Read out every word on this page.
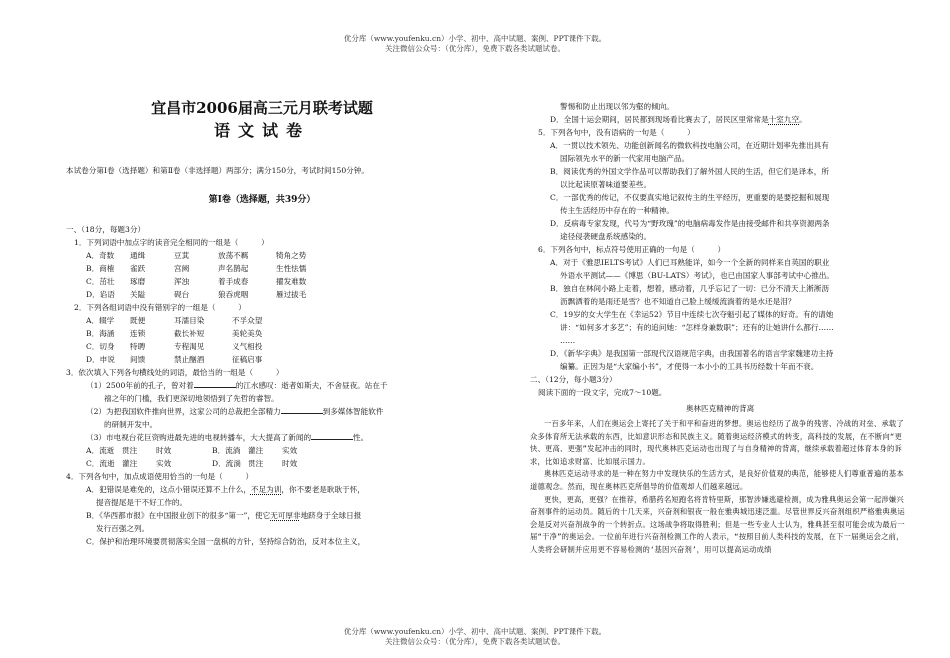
优分库（www.youfenku.cn）小学、初中、高中试题、案例、PPT课件下载。
关注微信公众号：（优分库），免费下载各类试题试卷。
宜昌市2006届高三元月联考试题
语文试卷

本试卷分第Ⅰ卷（选择题）和第Ⅱ卷（非选择题）两部分；满分150分，考试时间150分钟。

第Ⅰ卷（选择题，共39分）

一、（18分，每题3分）

1．下列词语中加点字的读音完全相同的一组是（　　　）

A．奇数	通缉	豆萁	放荡不羁	犄角之势
B．商榷	雀跃	宫阙	声名鹊起	生性怯懦
C．茁壮	琢磨	浑浊	着手成春	擢发难数
D．谄语	关隘	砚台	狼吞虎咽	雁过拔毛

2．下列各组词语中没有错别字的一组是（　　　）

A．辍学	既便	耳濡目染	不孚众望
B．海涵	连锁	截长补短	美轮美奂
C．切身	特聘	专程渴见	义气相投
D．申说	间馈	禁止酗酒	征稿启事

3．依次填入下列各句横线处的词语，最恰当的一组是（　　　）

（1）2500年前的孔子，曾对着	的江水感叹：逝者如斯夫，不舍昼夜。站在千

禧之年的门槛，我们更深切地领悟到了先哲的睿智。

（2）为把我国软件推向世界，这家公司的总裁把全部精力	到多媒体智能软件

的研制开发中。

（3）市电视台花巨资购进最先进的电视转播车，大大提高了新闻的	性。

A．流逝	贯注	时效	B．流淌	灌注	实效
C．流逝 灌注	实效	D．流淌 贯注	时效

4．下列各句中，加点成语使用恰当的一句是（　　　）

A．犯错误是难免的，这点小错误还算不上什么，不足为训，你不要老是耿耿于怀，

提音提尾是干不好工作的。

B．《华西都市报》在中国报业创下的很多“第一”，使它无可厚非地跻身于全球日报

发行百强之列。

C．保护和治理环境要贯彻落实全国一盘棋的方针，坚持综合防治，反对本位主义，

警惕和防止出现以邻为壑的倾向。

D．全国十运会期间，居民都到现场看比赛去了，居民区里常常是十室九空。

5．下列各句中，没有语病的一句是（　　　）

A．一贯以技术领先、功能创新闻名的微软科技电脑公司，在近期计划率先推出具有

国际领先水平的新一代家用电脑产品。

B．阅读优秀的外国文学作品可以帮助我们了解外国人民的生活，但它们是译本，所

以比起读原著味道要差些。

C．一部优秀的传记，不仅要真实地记叙传主的生平经历，更重要的是要挖掘和展现

传主生活经历中存在的一种精神。

D．反病毒专家发现，代号为“野玫瑰”的电脑病毒发作是由接受邮件和共享资源两条

途径侵袭硬盘系统感染的。

6．下列各句中，标点符号使用正确的一句是（　　　）

A．对于《雅思IELTS考试》人们已耳熟能详，如今一个全新的同样来自英国的职业

外语水平测试——《博思（BU-LATS）考试》，也已由国家人事部考试中心推出。

B．独自在林间小路上走着，想着，感动着，几乎忘记了一切：已分不清天上淅淅沥

沥飘洒着的是雨还是雪？也不知道自己脸上缓缓流淌着的是水还是泪？

C．19岁的女大学生在《幸运52》节目中连续七次夺魁引起了媒体的好奇。有的请她

讲：“如何多才多艺”；有的追问她：“怎样身兼数职”；还有的让她讲什么都行……

……

D．《新华字典》是我国第一部现代汉语规范字典，由我国著名的语言学家魏建功主持

编纂。正因为是“大家编小书”，才使得一本小小的工具书历经数十年而不衰。

二、（12分，每小题3分）

阅读下面的一段文字，完成7～10题。

奥林匹克精神的背离

一百多年来，人们在奥运会上寄托了关于和平和奋进的梦想。奥运也经历了战争的残害、冷战的对垒、承载了众多体育所无法承载的东西，比如意识形态和民族主义。随着奥运经济模式的转变，高科技的发展，在不断向“更快、更高、更强”发起冲击的同时，现代奥林匹克运动也出现了与自身精神的背离，继续承载着超过体育本身的诉求，比如追求财富、比如展示国力。

奥林匹克运动寻求的是一种在努力中发现快乐的生活方式，是良好价值观的典范，能够使人们尊重普遍的基本道德观念。然而，现在奥林匹克所倡导的价值观却人们越来越远。

更快，更高，更强？在推荐，希腊药名短跑名将肯特里斯，那智涉嫌逃避检测，成为雅典奥运会第一起涉嫌兴奋剂事件的运动员。随后的十几天来，兴奋剂和银夜一般在雅典城迅速泛滥。尽管世界反兴奋剂组织严格雅典奥运会是反对兴奋剂战争的一个转折点。这场战争将取得胜利；但是一些专业人士认为，雅典甚至很可能会成为最后一届“干净”的奥运会。一位前年进行兴奋剂检测工作的人表示，“按照目前人类科技的发展，在下一届奥运会之前，人类将会研制并应用更不容易检测的‘基因兴奋剂’，用可以提高运动成绩

优分库（www.youfenku.cn）小学、初中、高中试题、案例、PPT课件下载。
关注微信公众号：（优分库），免费下载各类试题试卷。
